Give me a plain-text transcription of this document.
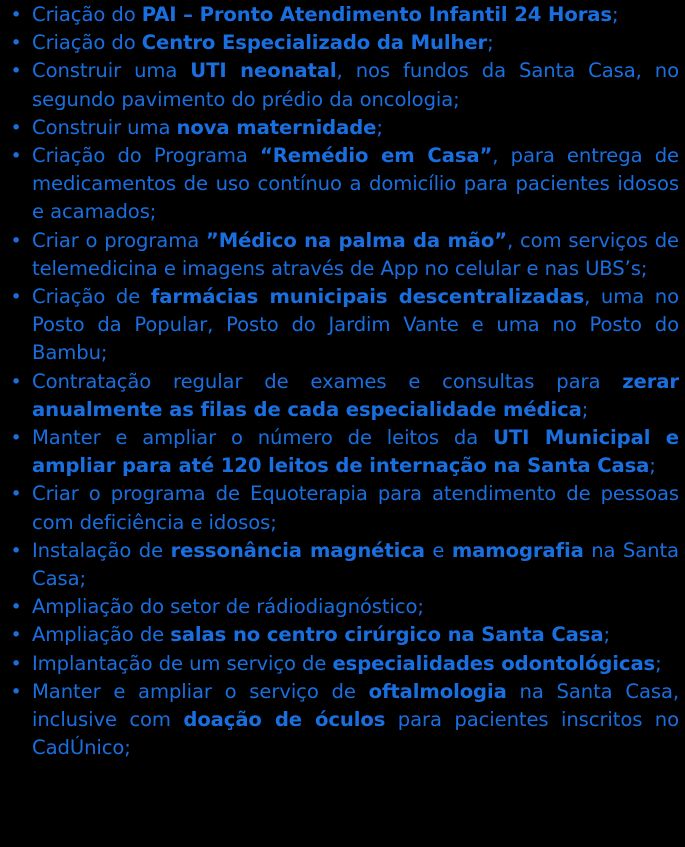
• Criação do PAI – Pronto Atendimento Infantil 24 Horas;
• Criação do Centro Especializado da Mulher;
• Construir uma UTI neonatal, nos fundos da Santa Casa, no segundo pavimento do prédio da oncologia;
• Construir uma nova maternidade;
• Criação do Programa “Remédio em Casa”, para entrega de medicamentos de uso contínuo a domicílio para pacientes idosos e acamados;
• Criar o programa ”Médico na palma da mão”, com serviços de telemedicina e imagens através de App no celular e nas UBS’s;
• Criação de farmácias municipais descentralizadas, uma no Posto da Popular, Posto do Jardim Vante e uma no Posto do Bambu;
• Contratação regular de exames e consultas para zerar anualmente as filas de cada especialidade médica;
• Manter e ampliar o número de leitos da UTI Municipal e ampliar para até 120 leitos de internação na Santa Casa;
• Criar o programa de Equoterapia para atendimento de pessoas com deficiência e idosos;
• Instalação de ressonância magnética e mamografia na Santa Casa;
• Ampliação do setor de rádiodiagnóstico;
• Ampliação de salas no centro cirúrgico na Santa Casa;
• Implantação de um serviço de especialidades odontológicas;
• Manter e ampliar o serviço de oftalmologia na Santa Casa, inclusive com doação de óculos para pacientes inscritos no CadÚnico;
